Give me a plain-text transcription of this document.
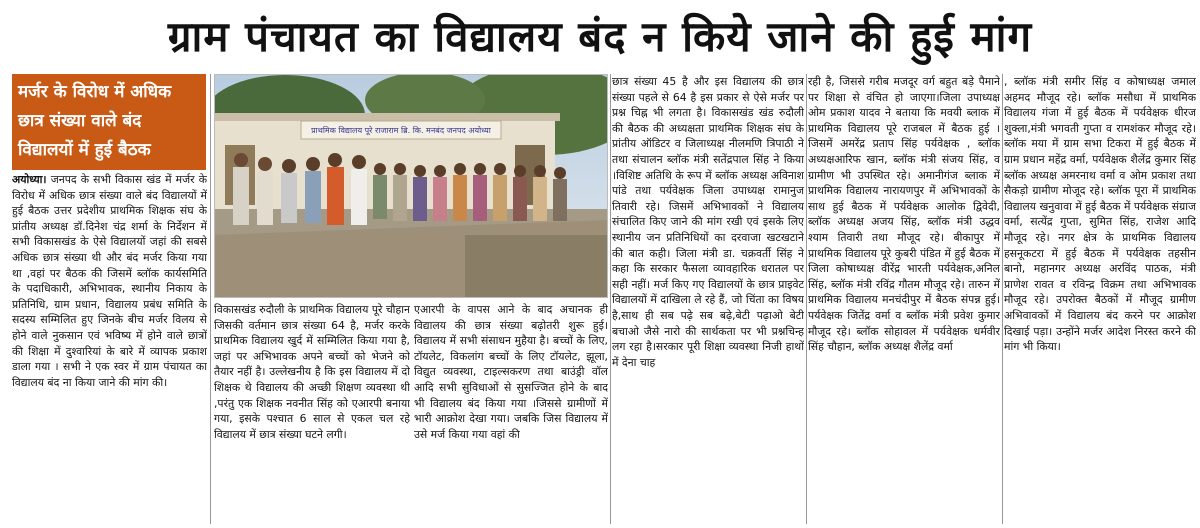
ग्राम पंचायत का विद्यालय बंद न किये जाने की हुई मांग
मर्जर के विरोध में अधिक छात्र संख्या वाले बंद विद्यालयों में हुई बैठक
प्राथमिक विद्यालय पूरे राजाराम ब्रि. कि. मनबंद जनपद अयोध्या
अयोध्या। जनपद के सभी विकास खंड में मर्जर के विरोध में अधिक छात्र संख्या वाले बंद विद्यालयों में हुई बैठक उत्तर प्रदेशीय प्राथमिक शिक्षक संघ के प्रांतीय अध्यक्ष डॉ.दिनेश चंद्र शर्मा के निर्देशन में सभी विकासखंड के ऐसे विद्यालयों जहां की सबसे अधिक छात्र संख्या थी और बंद मर्जर किया गया था ,वहां पर बैठक की जिसमें ब्लॉक कार्यसमिति के पदाधिकारी, अभिभावक, स्थानीय निकाय के प्रतिनिधि, ग्राम प्रधान, विद्यालय प्रबंध समिति के सदस्य सम्मिलित हुए जिनके बीच मर्जर विलय से होने वाले नुकसान एवं भविष्य में होने वाले छात्रों की शिक्षा में दुश्वारियां के बारे में व्यापक प्रकाश डाला गया । सभी ने एक स्वर में ग्राम पंचायत का विद्यालय बंद ना किया जाने की मांग की।
विकासखंड रुदौली के प्राथमिक विद्यालय पूरे चौहान जिसकी वर्तमान छात्र संख्या 64 है, मर्जर करके प्राथमिक विद्यालय खुर्द में सम्मिलित किया गया है, जहां पर अभिभावक अपने बच्चों को भेजने को तैयार नहीं है। उल्लेखनीय है कि इस विद्यालय में दो शिक्षक थे विद्यालय की अच्छी शिक्षण व्यवस्था थी ,परंतु एक शिक्षक नवनीत सिंह को एआरपी बनाया गया, इसके पश्चात 6 साल से एकल चल रहे विद्यालय में छात्र संख्या घटने लगी।
एआरपी के वापस आने के बाद अचानक ही विद्यालय की छात्र संख्या बढ़ोतरी शुरू हुई। विद्यालय में सभी संसाधन मुहैया है। बच्चों के लिए, टॉयलेट, विकलांग बच्चों के लिए टॉयलेट, झूला, विद्युत व्यवस्था, टाइल्सकरण तथा बाउंड्री वॉल आदि सभी सुविधाओं से सुसज्जित होने के बाद भी विद्यालय बंद किया गया ।जिससे ग्रामीणों में भारी आक्रोश देखा गया। जबकि जिस विद्यालय में उसे मर्ज किया गया वहां की
छात्र संख्या 45 है और इस विद्यालय की छात्र संख्या पहले से 64 है इस प्रकार से ऐसे मर्जर पर प्रश्न चिह्न भी लगता है। विकासखंड खंड रुदौली की बैठक की अध्यक्षता प्राथमिक शिक्षक संघ के प्रांतीय ऑडिटर व जिलाध्यक्ष नीलमणि त्रिपाठी ने तथा संचालन ब्लॉक मंत्री सतेंद्रपाल सिंह ने किया ।विशिष्ट अतिथि के रूप में ब्लॉक अध्यक्ष अविनाश पांडे तथा पर्यवेक्षक जिला उपाध्यक्ष रामानुज तिवारी रहे। जिसमें अभिभावकों ने विद्यालय संचालित किए जाने की मांग रखी एवं इसके लिए स्थानीय जन प्रतिनिधियों का दरवाजा खटखटाने की बात कही। जिला मंत्री डा. चक्रवर्ती सिंह ने कहा कि सरकार फैसला व्यावहारिक धरातल पर सही नहीं। मर्ज किए गए विद्यालयों के छात्र प्राइवेट विद्यालयों में दाखिला ले रहे हैं, जो चिंता का विषय है,साथ ही सब पढ़े सब बढ़े,बेटी पढ़ाओ बेटी बचाओ जैसे नारो की सार्थकता पर भी प्रश्नचिन्ह लग रहा है।सरकार पूरी शिक्षा व्यवस्था निजी हाथों में देना चाह
रही है, जिससे गरीब मजदूर वर्ग बहुत बड़े पैमाने पर शिक्षा से वंचित हो जाएगा।जिला उपाध्यक्ष ओम प्रकाश यादव ने बताया कि मवयी ब्लाक में प्राथमिक विद्यालय पूरे राजबल में बैठक हुई ।जिसमें अमरेंद्र प्रताप सिंह पर्यवेक्षक , ब्लॉक अध्यक्षआरिफ खान, ब्लॉक मंत्री संजय सिंह, व ग्रामीण भी उपस्थित रहे। अमानीगंज ब्लाक में प्राथमिक विद्यालय नारायणपुर में अभिभावकों के साथ हुई बैठक में पर्यवेक्षक आलोक द्विवेदी, ब्लॉक अध्यक्ष अजय सिंह, ब्लॉक मंत्री उद्धव श्याम तिवारी तथा मौजूद रहे। बीकापुर में प्राथमिक विद्यालय पूरे कुबरी पंडित में हुई बैठक में जिला कोषाध्यक्ष वीरेंद्र भारती पर्यवेक्षक,अनिल सिंह, ब्लॉक मंत्री रविंद्र गौतम मौजूद रहे। तारुन में प्राथमिक विद्यालय मनचंदीपुर में बैठक संपन्न हुई।पर्यवेक्षक जितेंद्र वर्मा व ब्लॉक मंत्री प्रवेश कुमार मौजूद रहे। ब्लॉक सोहावल में पर्यवेक्षक धर्मवीर सिंह चौहान, ब्लॉक अध्यक्ष शैलेंद्र वर्मा
, ब्लॉक मंत्री समीर सिंह व कोषाध्यक्ष जमाल अहमद मौजूद रहे। ब्लॉक मसौधा में प्राथमिक विद्यालय गंजा में हुई बैठक में पर्यवेक्षक धीरज शुक्ला,मंत्री भगवती गुप्ता व रामशंकर मौजूद रहे। ब्लॉक मया में ग्राम सभा टिकरा में हुई बैठक में ग्राम प्रधान महेंद्र वर्मा, पर्यवेक्षक शैलेंद्र कुमार सिंह ब्लॉक अध्यक्ष अमरनाथ वर्मा व ओम प्रकाश तथा सैकड़ो ग्रामीण मोजूद रहे। ब्लॉक पूरा में प्राथमिक विद्यालय खनुवावा में हुई बैठक में पर्यवेक्षक संग्राज वर्मा, सत्येंद्र गुप्ता, सुमित सिंह, राजेश आदि मौजूद रहे। नगर क्षेत्र के प्राथमिक विद्यालय हसनूकटरा में हुई बैठक में पर्यवेक्षक तहसीन बानो, महानगर अध्यक्ष अरविंद पाठक, मंत्री प्राणेश रावत व रविन्द्र विक्रम तथा अभिभावक मौजूद रहे। उपरोक्त बैठकों में मौजूद ग्रामीण अभिवावकों में विद्यालय बंद करने पर आक्रोश दिखाई पड़ा। उन्होंने मर्जर आदेश निरस्त करने की मांग भी किया।
